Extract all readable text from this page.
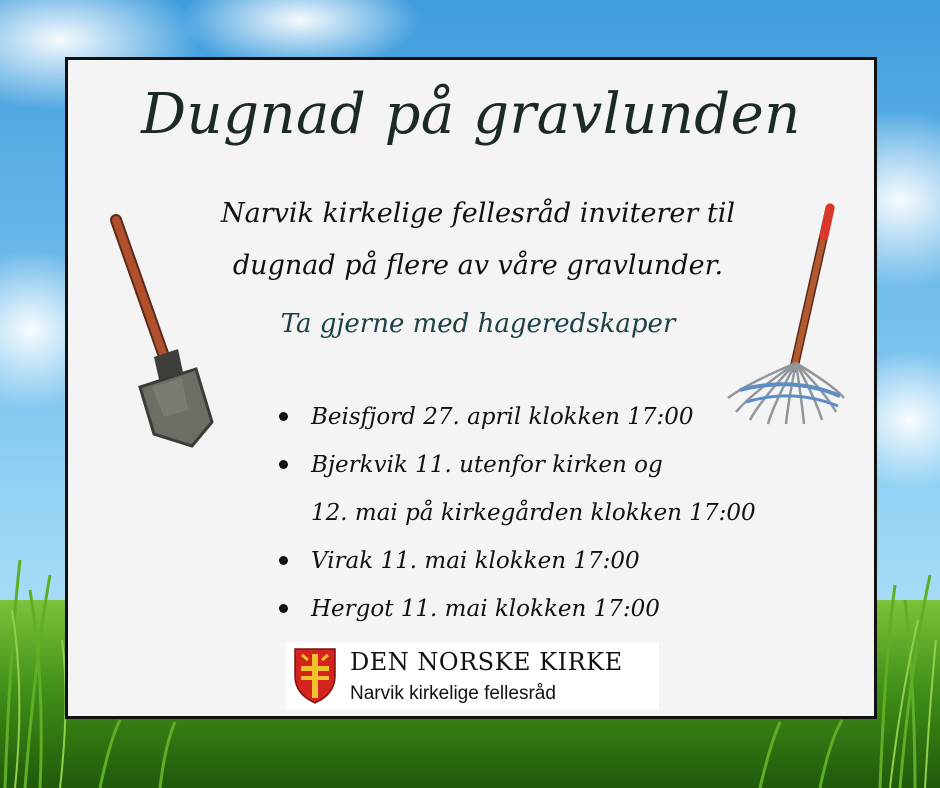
Dugnad på gravlunden
Narvik kirkelige fellesråd inviterer til
dugnad på flere av våre gravlunder.
Ta gjerne med hageredskaper
Beisfjord 27. april klokken 17:00
Bjerkvik 11. utenfor kirken og
12. mai på kirkegården klokken 17:00
Virak 11. mai klokken 17:00
Hergot 11. mai klokken 17:00
DEN NORSKE KIRKE
Narvik kirkelige fellesråd
